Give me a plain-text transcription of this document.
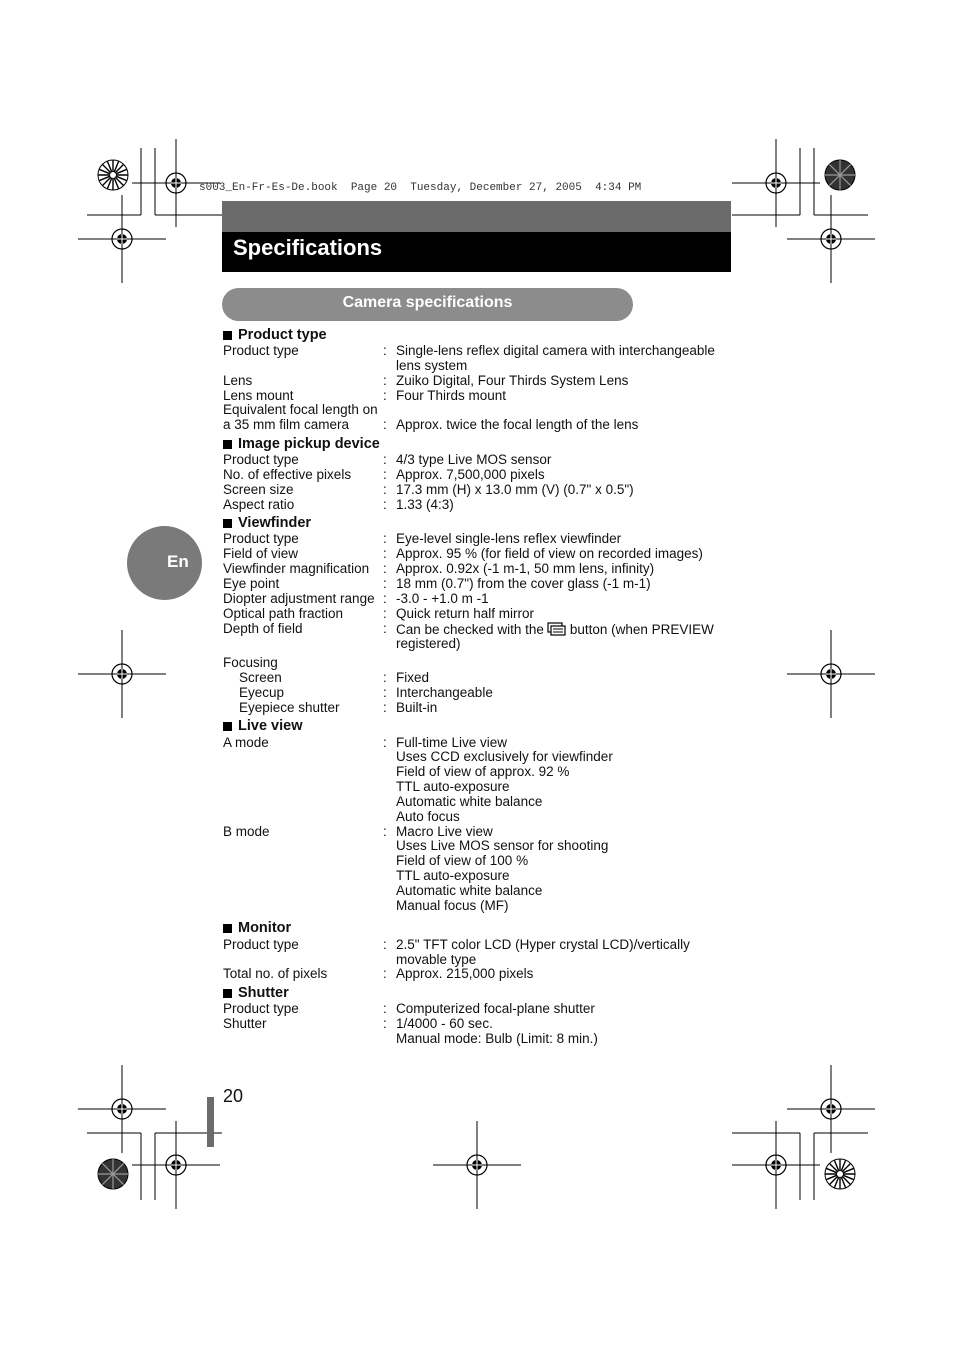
s003_En-Fr-Es-De.book  Page 20  Tuesday, December 27, 2005  4:34 PM
Specifications
Camera specifications
En
Product type
Product type	: Single-lens reflex digital camera with interchangeable
lens system
Lens	: Zuiko Digital, Four Thirds System Lens
Lens mount	: Four Thirds mount
Equivalent focal length on
a 35 mm film camera	: Approx. twice the focal length of the lens
Image pickup device
Product type	: 4/3 type Live MOS sensor
No. of effective pixels	: Approx. 7,500,000 pixels
Screen size	: 17.3 mm (H) x 13.0 mm (V) (0.7" x 0.5")
Aspect ratio	: 1.33 (4:3)
Viewfinder
Product type	: Eye-level single-lens reflex viewfinder
Field of view	: Approx. 95 % (for field of view on recorded images)
Viewfinder magnification	: Approx. 0.92x (-1 m-1, 50 mm lens, infinity)
Eye point	: 18 mm (0.7") from the cover glass (-1 m-1)
Diopter adjustment range : -3.0 - +1.0 m -1
Optical path fraction	: Quick return half mirror
Depth of field	: Can be checked with the button (when PREVIEW
registered)
Focusing
Screen	: Fixed
Eyecup	: Interchangeable
Eyepiece shutter	: Built-in
Live view
A mode	: Full-time Live view
Uses CCD exclusively for viewfinder
Field of view of approx. 92 %
TTL auto-exposure
Automatic white balance
Auto focus
B mode	: Macro Live view
Uses Live MOS sensor for shooting
Field of view of 100 %
TTL auto-exposure
Automatic white balance
Manual focus (MF)
Monitor
Product type	: 2.5" TFT color LCD (Hyper crystal LCD)/vertically
movable type
Total no. of pixels	: Approx. 215,000 pixels
Shutter
Product type	: Computerized focal-plane shutter
Shutter	: 1/4000 - 60 sec.
Manual mode: Bulb (Limit: 8 min.)
20
